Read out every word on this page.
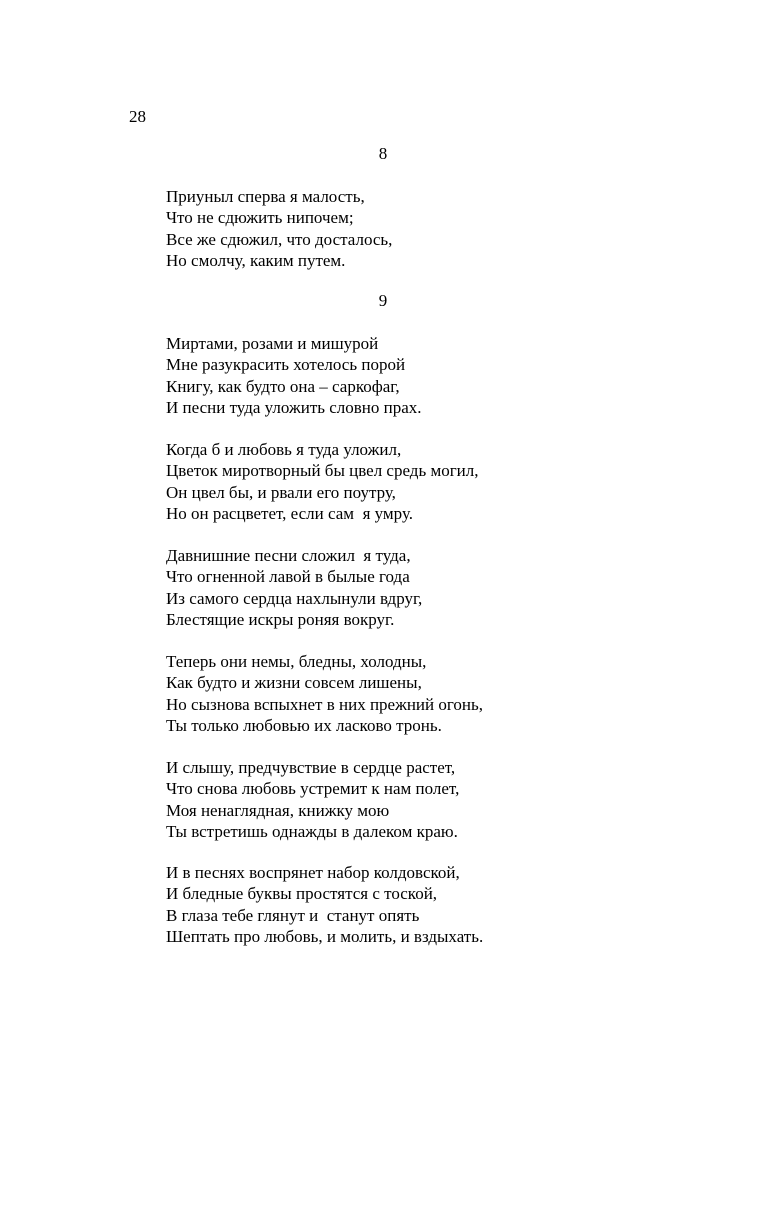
28
8
Приуныл сперва я малость,
Что не сдюжить нипочем;
Все же сдюжил, что досталось,
Но смолчу, каким путем.
9
Миртами, розами и мишурой
Мне разукрасить хотелось порой
Книгу, как будто она – саркофаг,
И песни туда уложить словно прах.
Когда б и любовь я туда уложил,
Цветок миротворный бы цвел средь могил,
Он цвел бы, и рвали его поутру,
Но он расцветет, если сам  я умру.
Давнишние песни сложил  я туда,
Что огненной лавой в былые года
Из самого сердца нахлынули вдруг,
Блестящие искры роняя вокруг.
Теперь они немы, бледны, холодны,
Как будто и жизни совсем лишены,
Но сызнова вспыхнет в них прежний огонь,
Ты только любовью их ласково тронь.
И слышу, предчувствие в сердце растет,
Что снова любовь устремит к нам полет,
Моя ненаглядная, книжку мою
Ты встретишь однажды в далеком краю.
И в песнях воспрянет набор колдовской,
И бледные буквы простятся с тоской,
В глаза тебе глянут и  станут опять
Шептать про любовь, и молить, и вздыхать.
